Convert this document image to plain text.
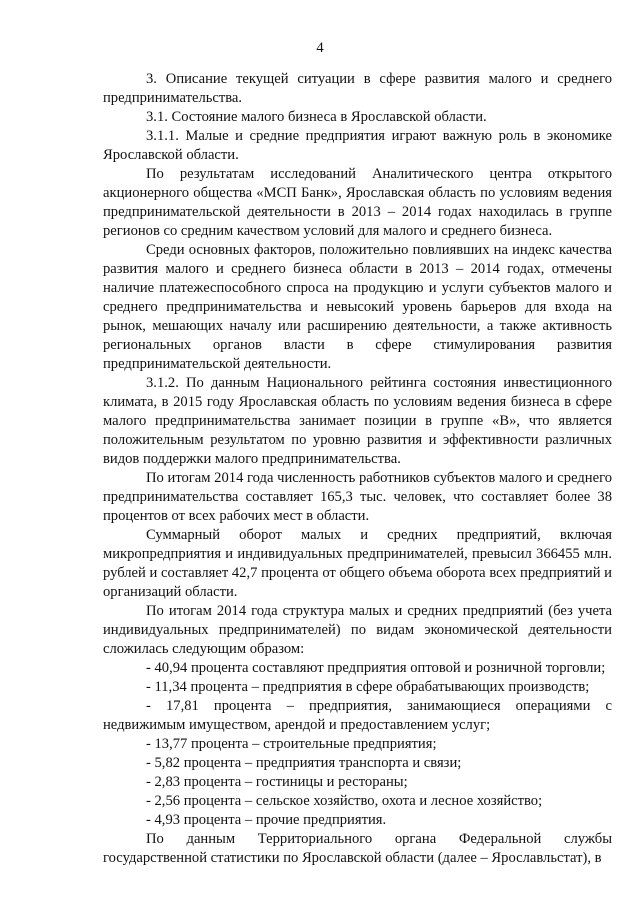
4

3. Описание текущей ситуации в сфере развития малого и среднего предпринимательства.

3.1. Состояние малого бизнеса в Ярославской области.

3.1.1. Малые и средние предприятия играют важную роль в экономике Ярославской области.

По результатам исследований Аналитического центра открытого акционерного общества «МСП Банк», Ярославская область по условиям ведения предпринимательской деятельности в 2013 – 2014 годах находилась в группе регионов со средним качеством условий для малого и среднего бизнеса.

Среди основных факторов, положительно повлиявших на индекс качества развития малого и среднего бизнеса области в 2013 – 2014 годах, отмечены наличие платежеспособного спроса на продукцию и услуги субъектов малого и среднего предпринимательства и невысокий уровень барьеров для входа на рынок, мешающих началу или расширению деятельности, а также активность региональных органов власти в сфере стимулирования развития предпринимательской деятельности.

3.1.2. По данным Национального рейтинга состояния инвестиционного климата, в 2015 году Ярославская область по условиям ведения бизнеса в сфере малого предпринимательства занимает позиции в группе «B», что является положительным результатом по уровню развития и эффективности различных видов поддержки малого предпринимательства.

По итогам 2014 года численность работников субъектов малого и среднего предпринимательства составляет 165,3 тыс. человек, что составляет более 38 процентов от всех рабочих мест в области.

Суммарный оборот малых и средних предприятий, включая микропредприятия и индивидуальных предпринимателей, превысил 366455 млн. рублей и составляет 42,7 процента от общего объема оборота всех предприятий и организаций области.

По итогам 2014 года структура малых и средних предприятий (без учета индивидуальных предпринимателей) по видам экономической деятельности сложилась следующим образом:

- 40,94 процента составляют предприятия оптовой и розничной торговли;

- 11,34 процента – предприятия в сфере обрабатывающих производств;

- 17,81 процента – предприятия, занимающиеся операциями с недвижимым имуществом, арендой и предоставлением услуг;

- 13,77 процента – строительные предприятия;

- 5,82 процента – предприятия транспорта и связи;

- 2,83 процента – гостиницы и рестораны;

- 2,56 процента – сельское хозяйство, охота и лесное хозяйство;

- 4,93 процента – прочие предприятия.

По данным Территориального органа Федеральной службы государственной статистики по Ярославской области (далее – Ярославльстат), в
